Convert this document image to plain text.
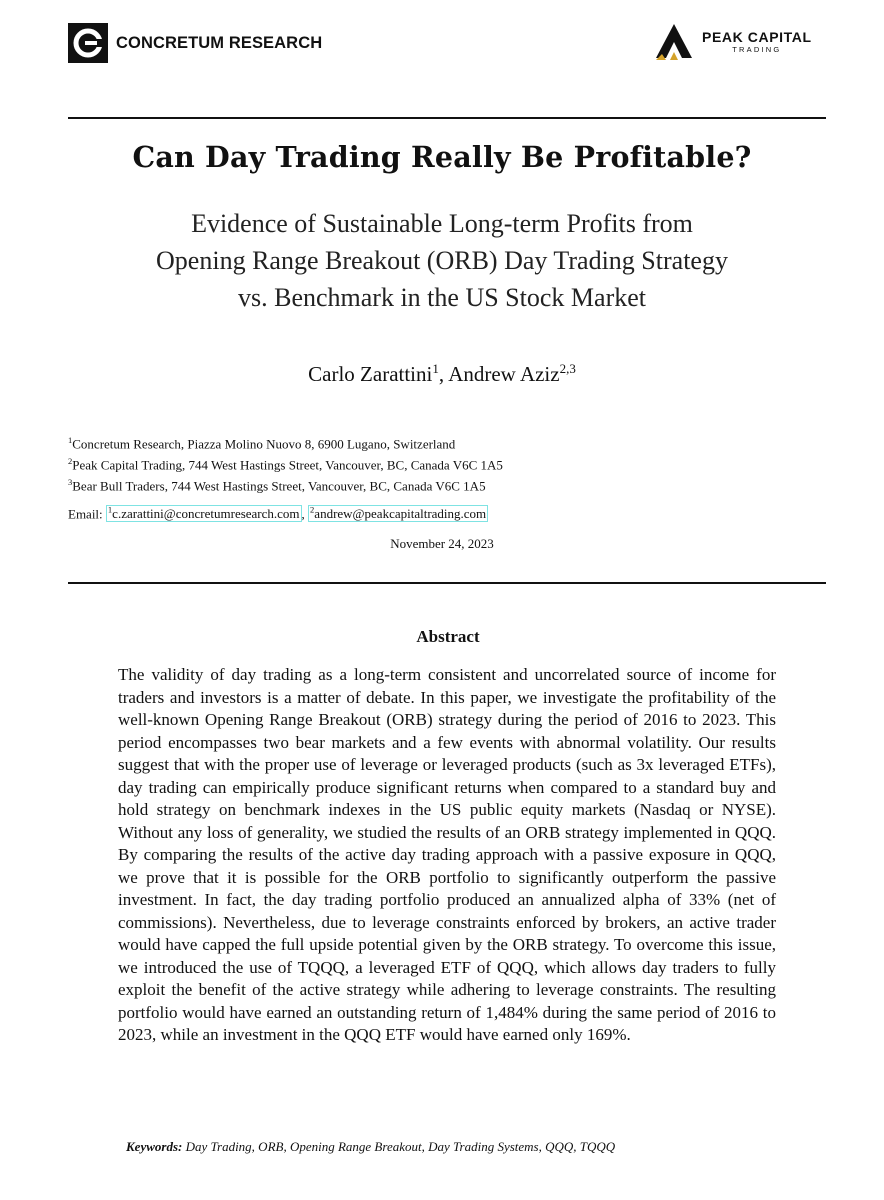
CONCRETUM RESEARCH	PEAK CAPITAL
TRADING
Can Day Trading Really Be Profitable?
Evidence of Sustainable Long-term Profits from
Opening Range Breakout (ORB) Day Trading Strategy
vs. Benchmark in the US Stock Market
Carlo Zarattini$^1$, Andrew Aziz$^{2,3}$
$^1$Concretum Research, Piazza Molino Nuovo 8, 6900 Lugano, Switzerland
$^2$Peak Capital Trading, 744 West Hastings Street, Vancouver, BC, Canada V6C 1A5
$^3$Bear Bull Traders, 744 West Hastings Street, Vancouver, BC, Canada V6C 1A5
Email: $^1$c.zarattini@concretumresearch.com , $^2$andrew@peakcapitaltrading.com
November 24, 2023
Abstract

The validity of day trading as a long-term consistent and uncorrelated source of income for traders and investors is a matter of debate. In this paper, we investigate the profitability of the well-known Opening Range Breakout (ORB) strategy during the period of 2016 to 2023. This period encompasses two bear markets and a few events with abnormal volatility. Our results suggest that with the proper use of leverage or leveraged products (such as 3x leveraged ETFs), day trading can empirically produce significant returns when compared to a standard buy and hold strategy on benchmark indexes in the US public equity markets (Nasdaq or NYSE). Without any loss of generality, we studied the results of an ORB strategy implemented in QQQ. By comparing the results of the active day trading approach with a passive exposure in QQQ, we prove that it is possible for the ORB portfolio to significantly outperform the passive investment. In fact, the day trading portfolio produced an annualized alpha of 33% (net of commissions). Nevertheless, due to leverage constraints enforced by brokers, an active trader would have capped the full upside potential given by the ORB strategy. To overcome this issue, we introduced the use of TQQQ, a leveraged ETF of QQQ, which allows day traders to fully exploit the benefit of the active strategy while adhering to leverage constraints. The resulting portfolio would have earned an outstanding return of 1,484% during the same period of 2016 to 2023, while an investment in the QQQ ETF would have earned only 169%.

Keywords: Day Trading, ORB, Opening Range Breakout, Day Trading Systems, QQQ, TQQQ
